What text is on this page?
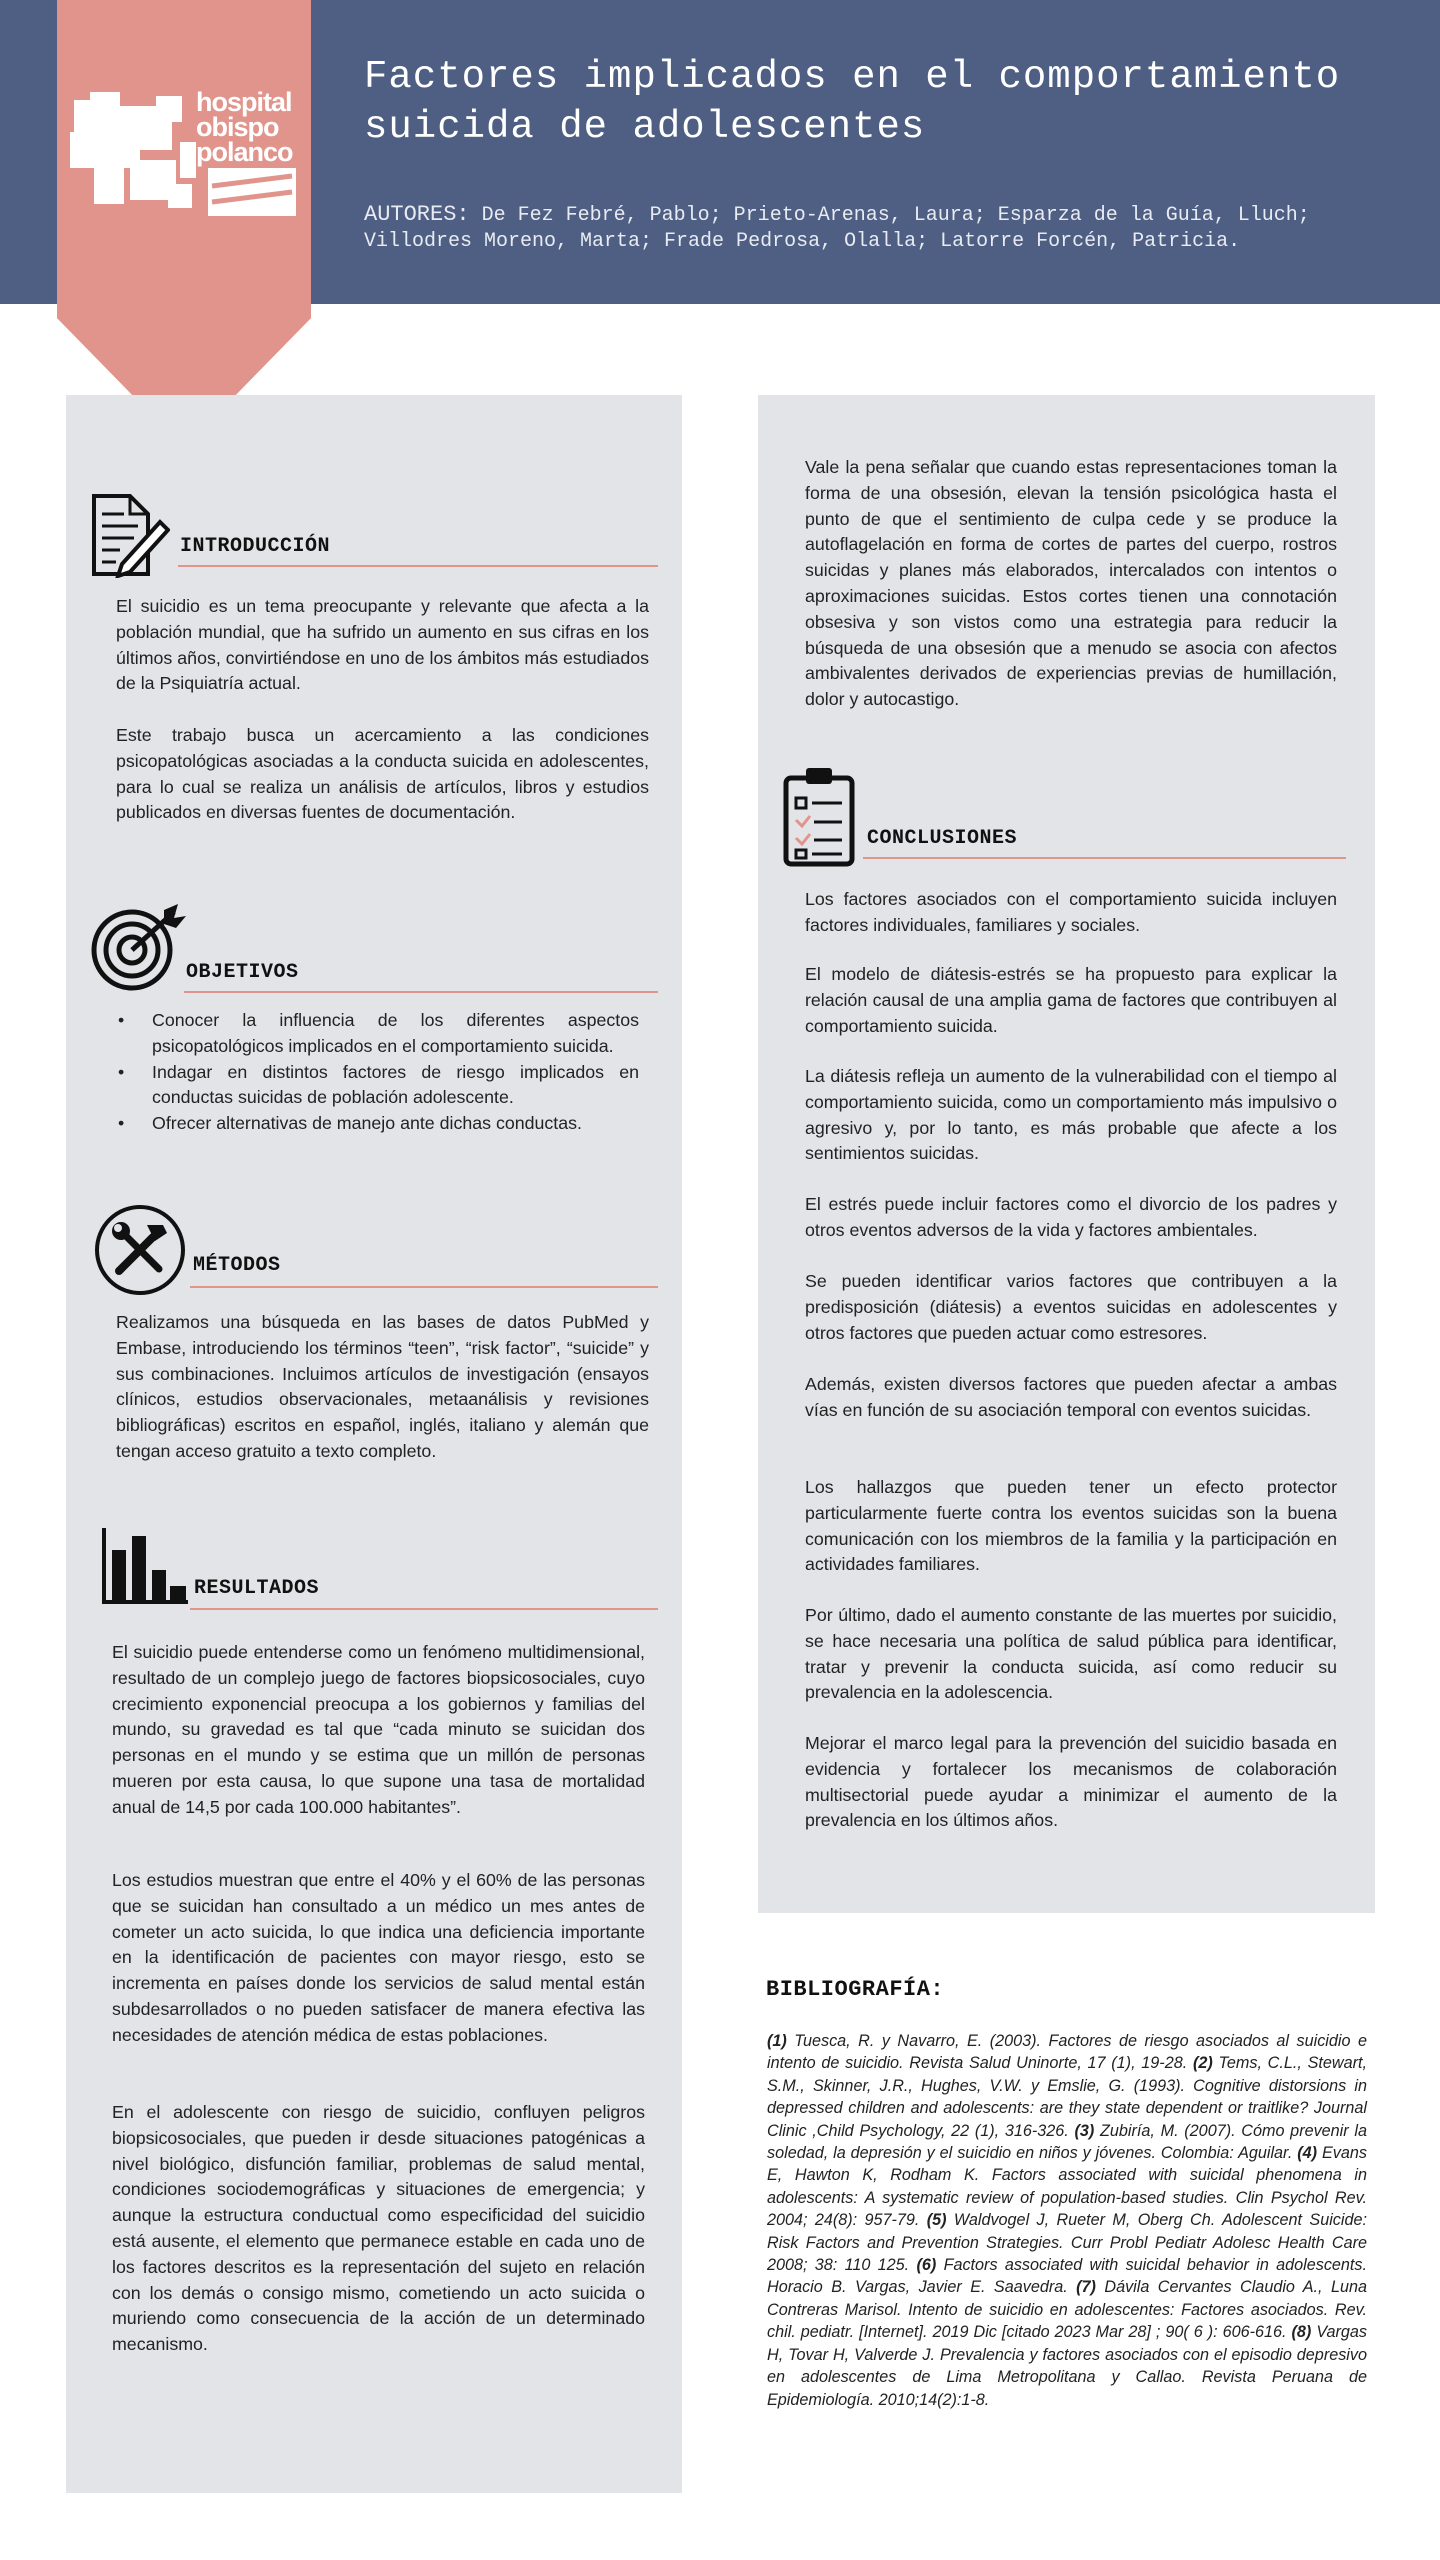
hospital
obispo
polanco
Factores implicados en el comportamiento suicida de adolescentes

AUTORES: De Fez Febré, Pablo; Prieto-Arenas, Laura; Esparza de la Guía, Lluch; Villodres Moreno, Marta; Frade Pedrosa, Olalla; Latorre Forcén, Patricia.

INTRODUCCIÓN

El suicidio es un tema preocupante y relevante que afecta a la población mundial, que ha sufrido un aumento en sus cifras en los últimos años, convirtiéndose en uno de los ámbitos más estudiados de la Psiquiatría actual.

Este trabajo busca un acercamiento a las condiciones psicopatológicas asociadas a la conducta suicida en adolescentes, para lo cual se realiza un análisis de artículos, libros y estudios publicados en diversas fuentes de documentación.

OBJETIVOS
• Conocer la influencia de los diferentes aspectos psicopatológicos implicados en el comportamiento suicida.
• Indagar en distintos factores de riesgo implicados en conductas suicidas de población adolescente.
• Ofrecer alternativas de manejo ante dichas conductas.
MÉTODOS

Realizamos una búsqueda en las bases de datos PubMed y Embase, introduciendo los términos “teen”, “risk factor”, “suicide” y sus combinaciones. Incluimos artículos de investigación (ensayos clínicos, estudios observacionales, metaanálisis y revisiones bibliográficas) escritos en español, inglés, italiano y alemán que tengan acceso gratuito a texto completo.

RESULTADOS

El suicidio puede entenderse como un fenómeno multidimensional, resultado de un complejo juego de factores biopsicosociales, cuyo crecimiento exponencial preocupa a los gobiernos y familias del mundo, su gravedad es tal que “cada minuto se suicidan dos personas en el mundo y se estima que un millón de personas mueren por esta causa, lo que supone una tasa de mortalidad anual de 14,5 por cada 100.000 habitantes”.

Los estudios muestran que entre el 40% y el 60% de las personas que se suicidan han consultado a un médico un mes antes de cometer un acto suicida, lo que indica una deficiencia importante en la identificación de pacientes con mayor riesgo, esto se incrementa en países donde los servicios de salud mental están subdesarrollados o no pueden satisfacer de manera efectiva las necesidades de atención médica de estas poblaciones.

En el adolescente con riesgo de suicidio, confluyen peligros biopsicosociales, que pueden ir desde situaciones patogénicas a nivel biológico, disfunción familiar, problemas de salud mental, condiciones sociodemográficas y situaciones de emergencia; y aunque la estructura conductual como especificidad del suicidio está ausente, el elemento que permanece estable en cada uno de los factores descritos es la representación del sujeto en relación con los demás o consigo mismo, cometiendo un acto suicida o muriendo como consecuencia de la acción de un determinado mecanismo.

Vale la pena señalar que cuando estas representaciones toman la forma de una obsesión, elevan la tensión psicológica hasta el punto de que el sentimiento de culpa cede y se produce la autoflagelación en forma de cortes de partes del cuerpo, rostros suicidas y planes más elaborados, intercalados con intentos o aproximaciones suicidas. Estos cortes tienen una connotación obsesiva y son vistos como una estrategia para reducir la búsqueda de una obsesión que a menudo se asocia con afectos ambivalentes derivados de experiencias previas de humillación, dolor y autocastigo.

CONCLUSIONES

Los factores asociados con el comportamiento suicida incluyen factores individuales, familiares y sociales.

El modelo de diátesis-estrés se ha propuesto para explicar la relación causal de una amplia gama de factores que contribuyen al comportamiento suicida.

La diátesis refleja un aumento de la vulnerabilidad con el tiempo al comportamiento suicida, como un comportamiento más impulsivo o agresivo y, por lo tanto, es más probable que afecte a los sentimientos suicidas.

El estrés puede incluir factores como el divorcio de los padres y otros eventos adversos de la vida y factores ambientales.

Se pueden identificar varios factores que contribuyen a la predisposición (diátesis) a eventos suicidas en adolescentes y otros factores que pueden actuar como estresores.

Además, existen diversos factores que pueden afectar a ambas vías en función de su asociación temporal con eventos suicidas.

Los hallazgos que pueden tener un efecto protector particularmente fuerte contra los eventos suicidas son la buena comunicación con los miembros de la familia y la participación en actividades familiares.

Por último, dado el aumento constante de las muertes por suicidio, se hace necesaria una política de salud pública para identificar, tratar y prevenir la conducta suicida, así como reducir su prevalencia en la adolescencia.

Mejorar el marco legal para la prevención del suicidio basada en evidencia y fortalecer los mecanismos de colaboración multisectorial puede ayudar a minimizar el aumento de la prevalencia en los últimos años.

BIBLIOGRAFÍA:

(1) Tuesca, R. y Navarro, E. (2003). Factores de riesgo asociados al suicidio e intento de suicidio. Revista Salud Uninorte, 17 (1), 19-28. (2) Tems, C.L., Stewart, S.M., Skinner, J.R., Hughes, V.W. y Emslie, G. (1993). Cognitive distorsions in depressed children and adolescents: are they state dependent or traitlike? Journal Clinic ,Child Psychology, 22 (1), 316-326. (3) Zubiría, M. (2007). Cómo prevenir la soledad, la depresión y el suicidio en niños y jóvenes. Colombia: Aguilar. (4) Evans E, Hawton K, Rodham K. Factors associated with suicidal phenomena in adolescents: A systematic review of population-based studies. Clin Psychol Rev. 2004; 24(8): 957-79. (5) Waldvogel J, Rueter M, Oberg Ch. Adolescent Suicide: Risk Factors and Prevention Strategies. Curr Probl Pediatr Adolesc Health Care 2008; 38: 110 125. (6) Factors associated with suicidal behavior in adolescents. Horacio B. Vargas, Javier E. Saavedra. (7) Dávila Cervantes Claudio A., Luna Contreras Marisol. Intento de suicidio en adolescentes: Factores asociados. Rev. chil. pediatr. [Internet]. 2019 Dic [citado 2023 Mar 28] ; 90( 6 ): 606-616. (8) Vargas H, Tovar H, Valverde J. Prevalencia y factores asociados con el episodio depresivo en adolescentes de Lima Metropolitana y Callao. Revista Peruana de Epidemiología. 2010;14(2):1-8.
